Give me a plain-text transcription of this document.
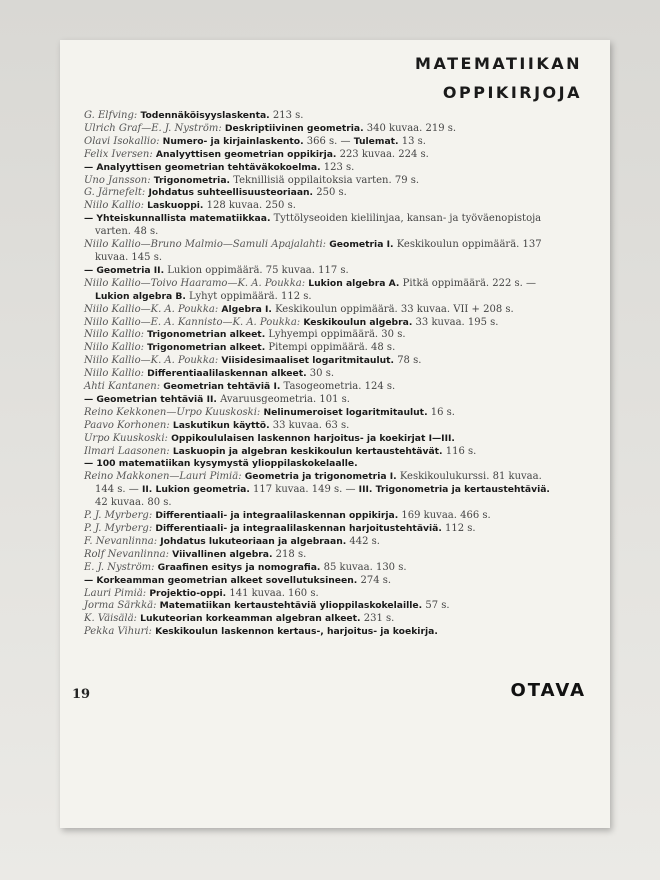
MATEMATIIKAN
OPPIKIRJOJA

G. Elfving: Todennäköisyyslaskenta. 213 s.

Ulrich Graf—E. J. Nyström: Deskriptiivinen geometria. 340 kuvaa. 219 s.

Olavi Isokallio: Numero- ja kirjainlaskento. 366 s. — Tulemat. 13 s.

Felix Iversen: Analyyttisen geometrian oppikirja. 223 kuvaa. 224 s.

— Analyyttisen geometrian tehtäväkokoelma. 123 s.

Uno Jansson: Trigonometria. Teknillisiä oppilaitoksia varten. 79 s.

G. Järnefelt: Johdatus suhteellisuusteoriaan. 250 s.

Niilo Kallio: Laskuoppi. 128 kuvaa. 250 s.

— Yhteiskunnallista matematiikkaa. Tyttölyseoiden kielilinjaa, kansan- ja työväenopistoja varten. 48 s.

Niilo Kallio—Bruno Malmio—Samuli Apajalahti: Geometria I. Keskikoulun oppimäärä. 137 kuvaa. 145 s.

— Geometria II. Lukion oppimäärä. 75 kuvaa. 117 s.

Niilo Kallio—Toivo Haaramo—K. A. Poukka: Lukion algebra A. Pitkä oppimäärä. 222 s. — Lukion algebra B. Lyhyt oppimäärä. 112 s.

Niilo Kallio—K. A. Poukka: Algebra I. Keskikoulun oppimäärä. 33 kuvaa. VII + 208 s.

Niilo Kallio—E. A. Kannisto—K. A. Poukka: Keskikoulun algebra. 33 kuvaa. 195 s.

Niilo Kallio: Trigonometrian alkeet. Lyhyempi oppimäärä. 30 s.

Niilo Kallio: Trigonometrian alkeet. Pitempi oppimäärä. 48 s.

Niilo Kallio—K. A. Poukka: Viisidesimaaliset logaritmitaulut. 78 s.

Niilo Kallio: Differentiaalilaskennan alkeet. 30 s.

Ahti Kantanen: Geometrian tehtäviä I. Tasogeometria. 124 s.

— Geometrian tehtäviä II. Avaruusgeometria. 101 s.

Reino Kekkonen—Urpo Kuuskoski: Nelinumeroiset logaritmitaulut. 16 s.

Paavo Korhonen: Laskutikun käyttö. 33 kuvaa. 63 s.

Urpo Kuuskoski: Oppikoululaisen laskennon harjoitus- ja koekirjat I—III.

Ilmari Laasonen: Laskuopin ja algebran keskikoulun kertaustehtävät. 116 s.

— 100 matematiikan kysymystä ylioppilaskokelaalle.

Reino Makkonen—Lauri Pimiä: Geometria ja trigonometria I. Keskikoulukurssi. 81 kuvaa. 144 s. — II. Lukion geometria. 117 kuvaa. 149 s. — III. Trigonometria ja kertaustehtäviä. 42 kuvaa. 80 s.

P. J. Myrberg: Differentiaali- ja integraalilaskennan oppikirja. 169 kuvaa. 466 s.

P. J. Myrberg: Differentiaali- ja integraalilaskennan harjoitustehtäviä. 112 s.

F. Nevanlinna: Johdatus lukuteoriaan ja algebraan. 442 s.

Rolf Nevanlinna: Viivallinen algebra. 218 s.

E. J. Nyström: Graafinen esitys ja nomografia. 85 kuvaa. 130 s.

— Korkeamman geometrian alkeet sovellutuksineen. 274 s.

Lauri Pimiä: Projektio-oppi. 141 kuvaa. 160 s.

Jorma Särkkä: Matematiikan kertaustehtäviä ylioppilaskokelaille. 57 s.

K. Väisälä: Lukuteorian korkeamman algebran alkeet. 231 s.

Pekka Vihuri: Keskikoulun laskennon kertaus-, harjoitus- ja koekirja.

19	OTAVA
